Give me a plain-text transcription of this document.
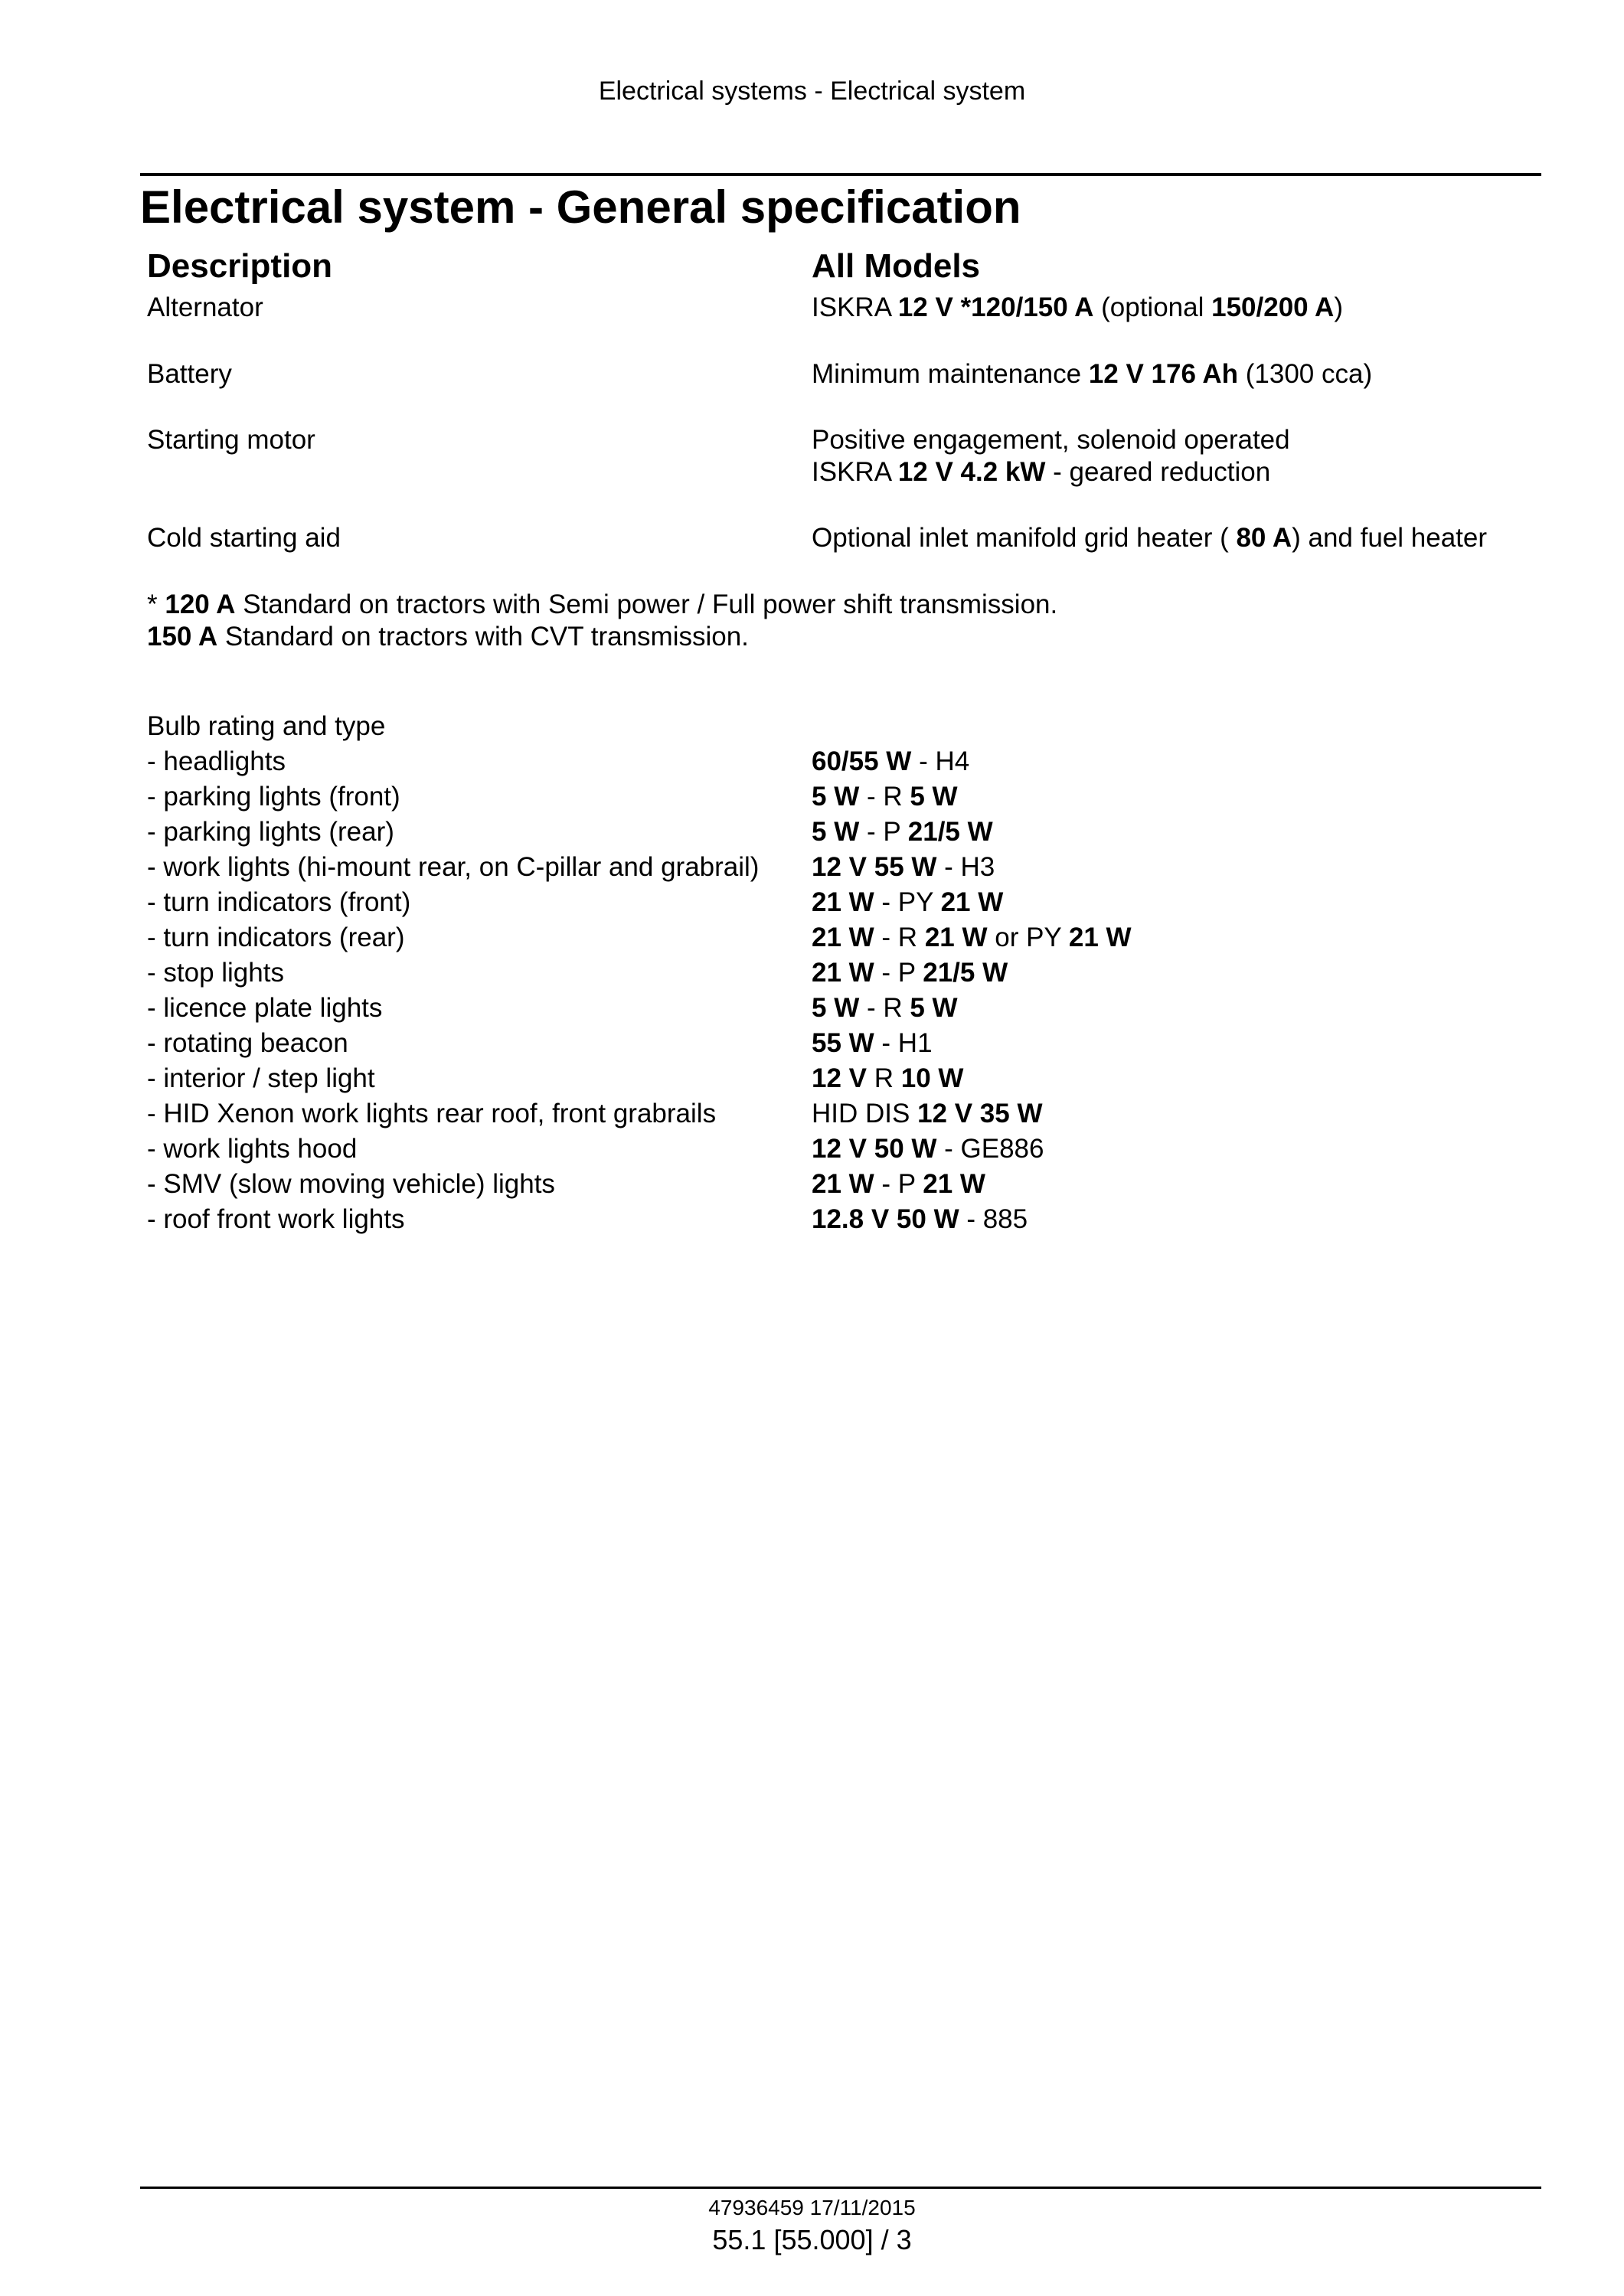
Electrical systems - Electrical system
Electrical system - General specification
Description	All Models
Alternator	ISKRA 12 V *120/150 A (optional 150/200 A)
Battery	Minimum maintenance 12 V 176 Ah (1300 cca)
Starting motor	Positive engagement, solenoid operated
ISKRA 12 V 4.2 kW - geared reduction
Cold starting aid	Optional inlet manifold grid heater ( 80 A) and fuel heater
* 120 A Standard on tractors with Semi power / Full power shift transmission.
150 A Standard on tractors with CVT transmission.
Bulb rating and type
- headlights	60/55 W - H4
- parking lights (front)	5 W - R 5 W
- parking lights (rear)	5 W - P 21/5 W
- work lights (hi-mount rear, on C-pillar and grabrail) 12 V 55 W - H3
- turn indicators (front)	21 W - PY 21 W
- turn indicators (rear)	21 W - R 21 W or PY 21 W
- stop lights	21 W - P 21/5 W
- licence plate lights	5 W - R 5 W
- rotating beacon	55 W - H1
- interior / step light	12 V R 10 W
- HID Xenon work lights rear roof, front grabrails	HID DIS 12 V 35 W
- work lights hood	12 V 50 W - GE886
- SMV (slow moving vehicle) lights	21 W - P 21 W
- roof front work lights	12.8 V 50 W - 885
47936459 17/11/2015
55.1 [55.000] / 3
